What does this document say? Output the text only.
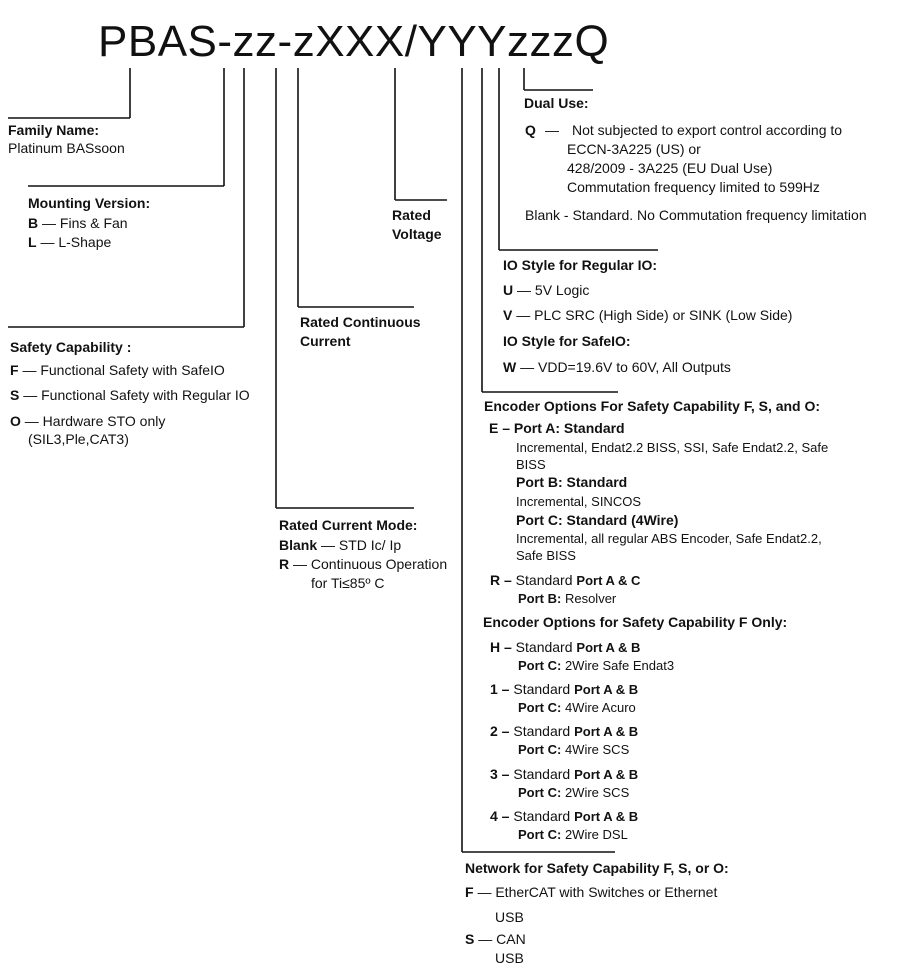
PBAS-zz-zXXX/YYYzzzQ
Family Name:
Platinum BASsoon
Mounting Version:
B — Fins & Fan
L — L-Shape
Safety Capability :
F — Functional Safety with SafeIO
S — Functional Safety with Regular IO
O — Hardware STO only
(SIL3,Ple,CAT3)
Rated
Voltage
Rated Continuous
Current
Rated Current Mode:
Blank — STD Ic/ Ip
R — Continuous Operation
for Ti≤85º C
Dual Use:
Q — Not subjected to export control according to
ECCN-3A225 (US) or
428/2009 - 3A225 (EU Dual Use)
Commutation frequency limited to 599Hz
Blank - Standard. No Commutation frequency limitation
IO Style for Regular IO:
U — 5V Logic
V — PLC SRC (High Side) or SINK (Low Side)
IO Style for SafeIO:
W — VDD=19.6V to 60V, All Outputs
Encoder Options For Safety Capability F, S, and O:
E – Port A: Standard
Incremental, Endat2.2 BISS, SSI, Safe Endat2.2, Safe
BISS
Port B: Standard
Incremental, SINCOS
Port C: Standard (4Wire)
Incremental, all regular ABS Encoder, Safe Endat2.2,
Safe BISS
R – Standard Port A & C
Port B: Resolver
Encoder Options for Safety Capability F Only:
H – Standard Port A & B
Port C: 2Wire Safe Endat3
1 – Standard Port A & B
Port C: 4Wire Acuro
2 – Standard Port A & B
Port C: 4Wire SCS
3 – Standard Port A & B
Port C: 2Wire SCS
4 – Standard Port A & B
Port C: 2Wire DSL
Network for Safety Capability F, S, or O:
F — EtherCAT with Switches or Ethernet
USB
S — CAN
USB
